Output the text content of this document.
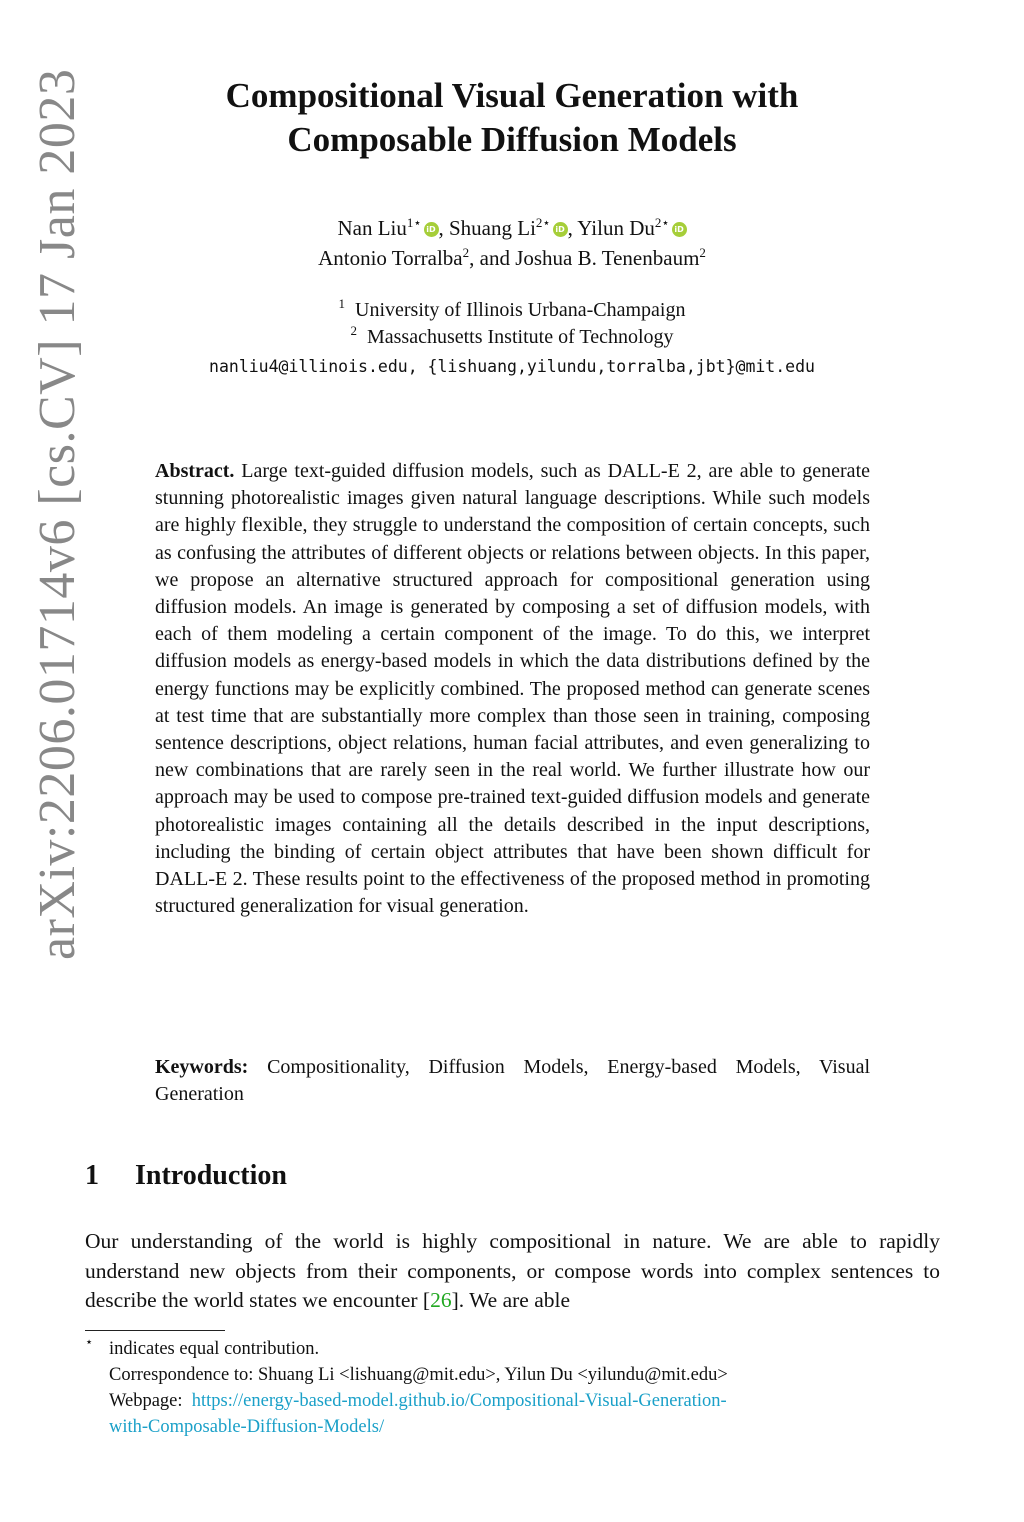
arXiv:2206.01714v6 [cs.CV] 17 Jan 2023	Compositional Visual Generation with
Composable Diffusion Models
Nan Liu$^{1⋆}$ iD , Shuang $Li^{2⋆}$ iD , Yilun $Du^{2⋆}$ iD
Antonio Torralba$^2$, and Joshua B. Tenenbaum$^2$
$^1$ University of Illinois Urbana-Champaign
$^2$ Massachusetts Institute of Technology
nanliu4@illinois.edu, {lishuang,yilundu,torralba,jbt}@mit.edu
Abstract. Large text-guided diffusion models, such as DALL-E 2, are able to generate stunning photorealistic images given natural language descriptions. While such models are highly flexible, they struggle to understand the composition of certain concepts, such as confusing the attributes of different objects or relations between objects. In this paper, we propose an alternative structured approach for compositional generation using diffusion models. An image is generated by composing a set of diffusion models, with each of them modeling a certain component of the image. To do this, we interpret diffusion models as energy-based models in which the data distributions defined by the energy functions may be explicitly combined. The proposed method can generate scenes at test time that are substantially more complex than those seen in training, composing sentence descriptions, object relations, human facial attributes, and even generalizing to new combinations that are rarely seen in the real world. We further illustrate how our approach may be used to compose pre-trained text-guided diffusion models and generate photorealistic images containing all the details described in the input descriptions, including the binding of certain object attributes that have been shown difficult for DALL-E 2. These results point to the effectiveness of the proposed method in promoting structured generalization for visual generation.
Keywords: Compositionality, Diffusion Models, Energy-based Models, Visual Generation
1 Introduction
Our understanding of the world is highly compositional in nature. We are able to rapidly understand new objects from their components, or compose words into complex sentences to describe the world states we encounter [26]. We are able
⋆ indicates equal contribution.
Correspondence to: Shuang Li <lishuang@mit.edu>, Yilun Du <yilundu@mit.edu>
Webpage: https://energy-based-model.github.io/Compositional-Visual-Generation-
with-Composable-Diffusion-Models/
